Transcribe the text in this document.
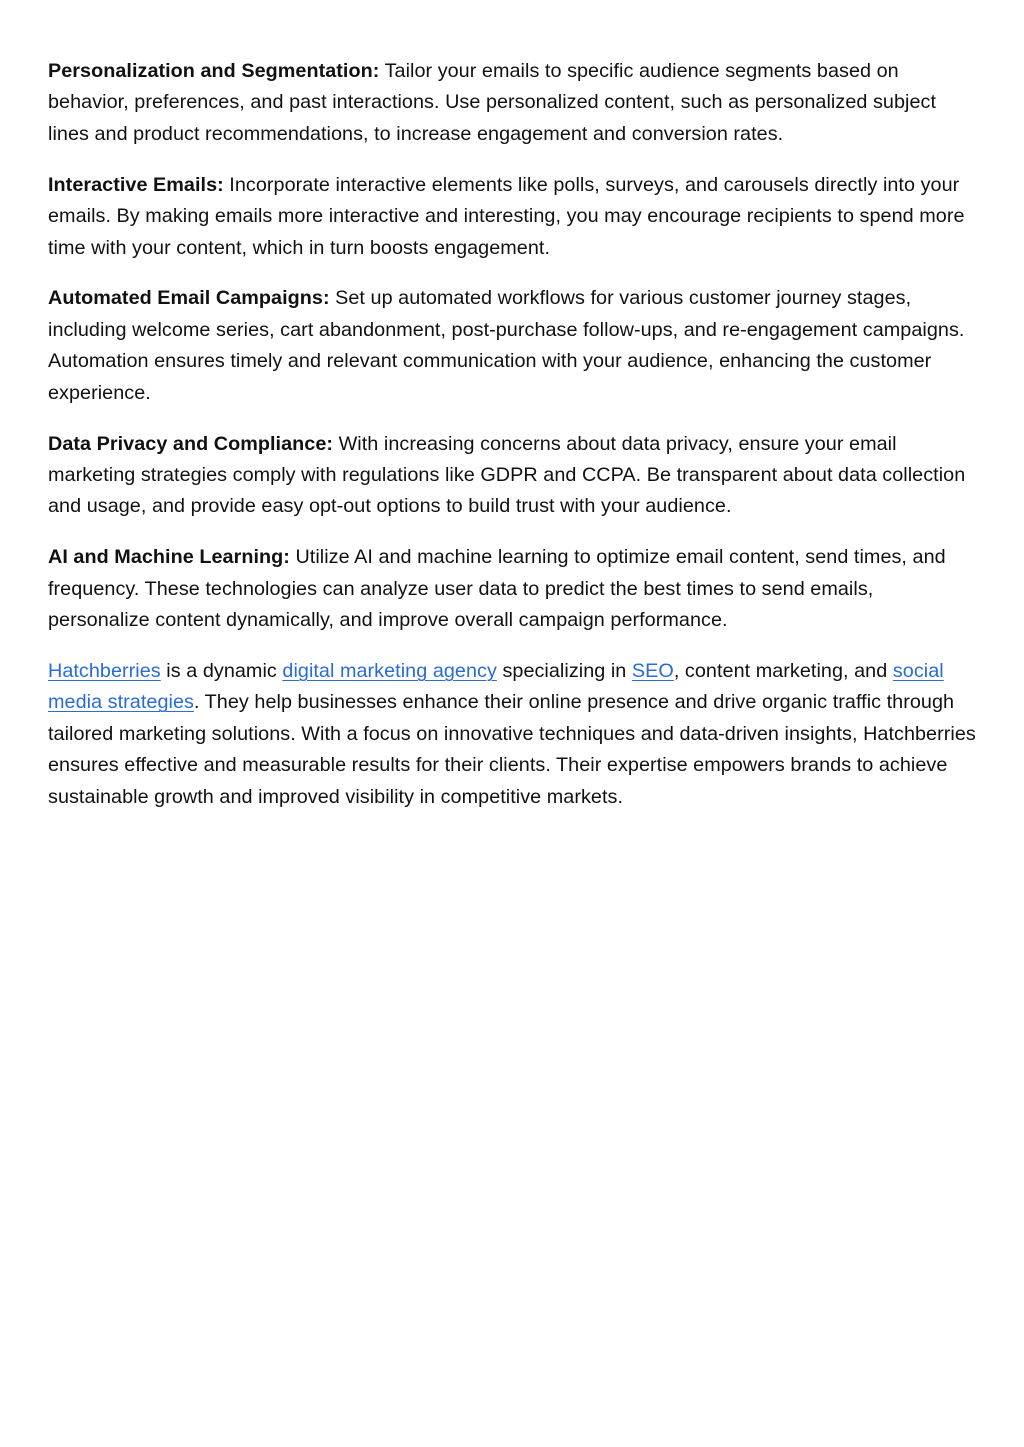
Personalization and Segmentation: Tailor your emails to specific audience segments based on behavior, preferences, and past interactions. Use personalized content, such as personalized subject lines and product recommendations, to increase engagement and conversion rates.

Interactive Emails: Incorporate interactive elements like polls, surveys, and carousels directly into your emails. By making emails more interactive and interesting, you may encourage recipients to spend more time with your content, which in turn boosts engagement.

Automated Email Campaigns: Set up automated workflows for various customer journey stages, including welcome series, cart abandonment, post-purchase follow-ups, and re-engagement campaigns. Automation ensures timely and relevant communication with your audience, enhancing the customer experience.

Data Privacy and Compliance: With increasing concerns about data privacy, ensure your email marketing strategies comply with regulations like GDPR and CCPA. Be transparent about data collection and usage, and provide easy opt-out options to build trust with your audience.

AI and Machine Learning: Utilize AI and machine learning to optimize email content, send times, and frequency. These technologies can analyze user data to predict the best times to send emails, personalize content dynamically, and improve overall campaign performance.

Hatchberries is a dynamic digital marketing agency specializing in SEO, content marketing, and social media strategies. They help businesses enhance their online presence and drive organic traffic through tailored marketing solutions. With a focus on innovative techniques and data-driven insights, Hatchberries ensures effective and measurable results for their clients. Their expertise empowers brands to achieve sustainable growth and improved visibility in competitive markets.
